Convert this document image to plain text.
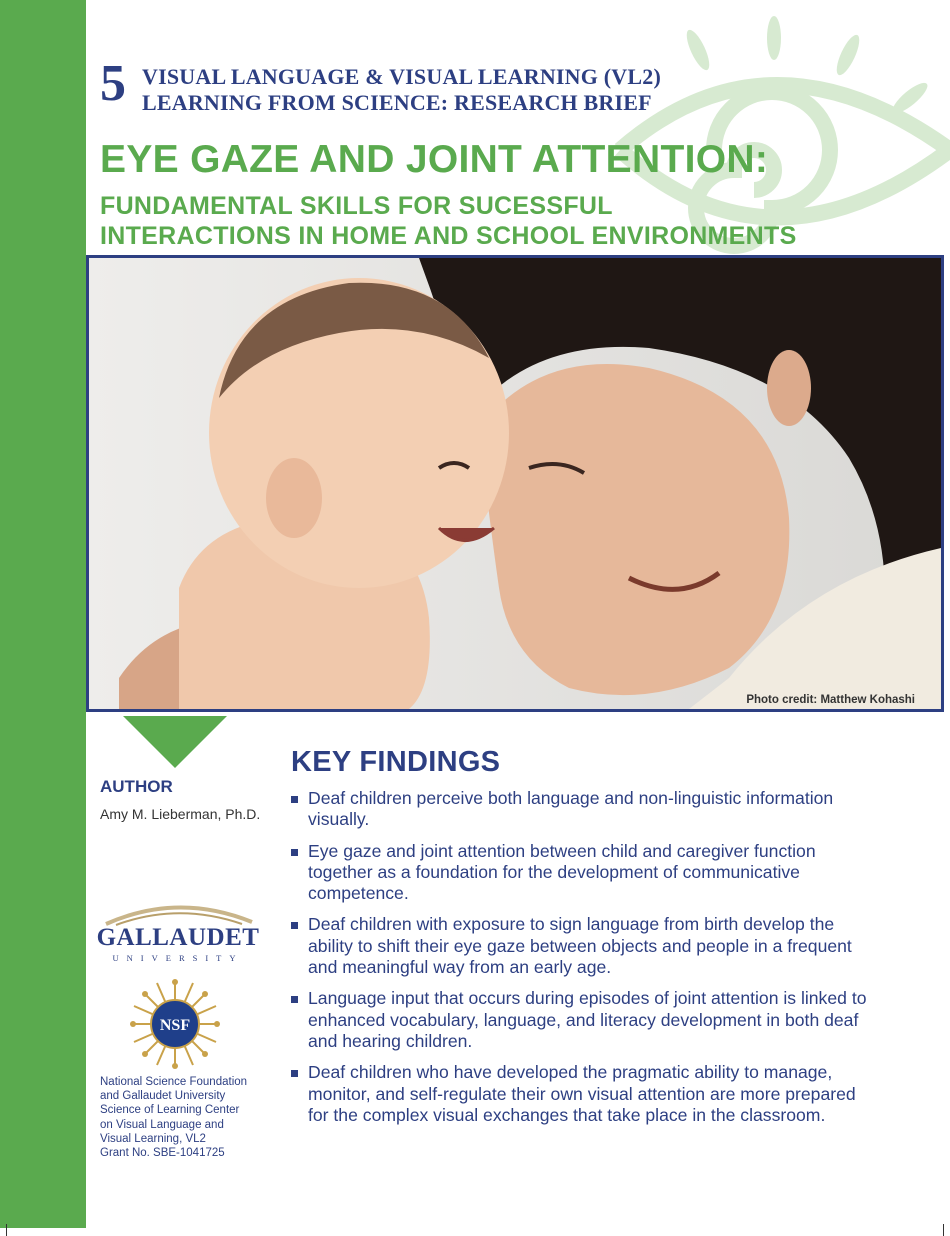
5 VISUAL LANGUAGE & VISUAL LEARNING (VL2)
LEARNING FROM SCIENCE: RESEARCH BRIEF
EYE GAZE AND JOINT ATTENTION:
FUNDAMENTAL SKILLS FOR SUCESSFUL
INTERACTIONS IN HOME AND SCHOOL ENVIRONMENTS
Photo credit: Matthew Kohashi
AUTHOR
Amy M. Lieberman, Ph.D.
GALLAUDET
UNIVERSITY
NSF
National Science Foundation
and Gallaudet University
Science of Learning Center
on Visual Language and
Visual Learning, VL2
Grant No. SBE-1041725
KEY FINDINGS
Deaf children perceive both language and non-linguistic information visually.
Eye gaze and joint attention between child and caregiver function together as a foundation for the development of communicative competence.
Deaf children with exposure to sign language from birth develop the ability to shift their eye gaze between objects and people in a frequent and meaningful way from an early age.
Language input that occurs during episodes of joint attention is linked to enhanced vocabulary, language, and literacy development in both deaf and hearing children.
Deaf children who have developed the pragmatic ability to manage, monitor, and self-regulate their own visual attention are more prepared for the complex visual exchanges that take place in the classroom.
